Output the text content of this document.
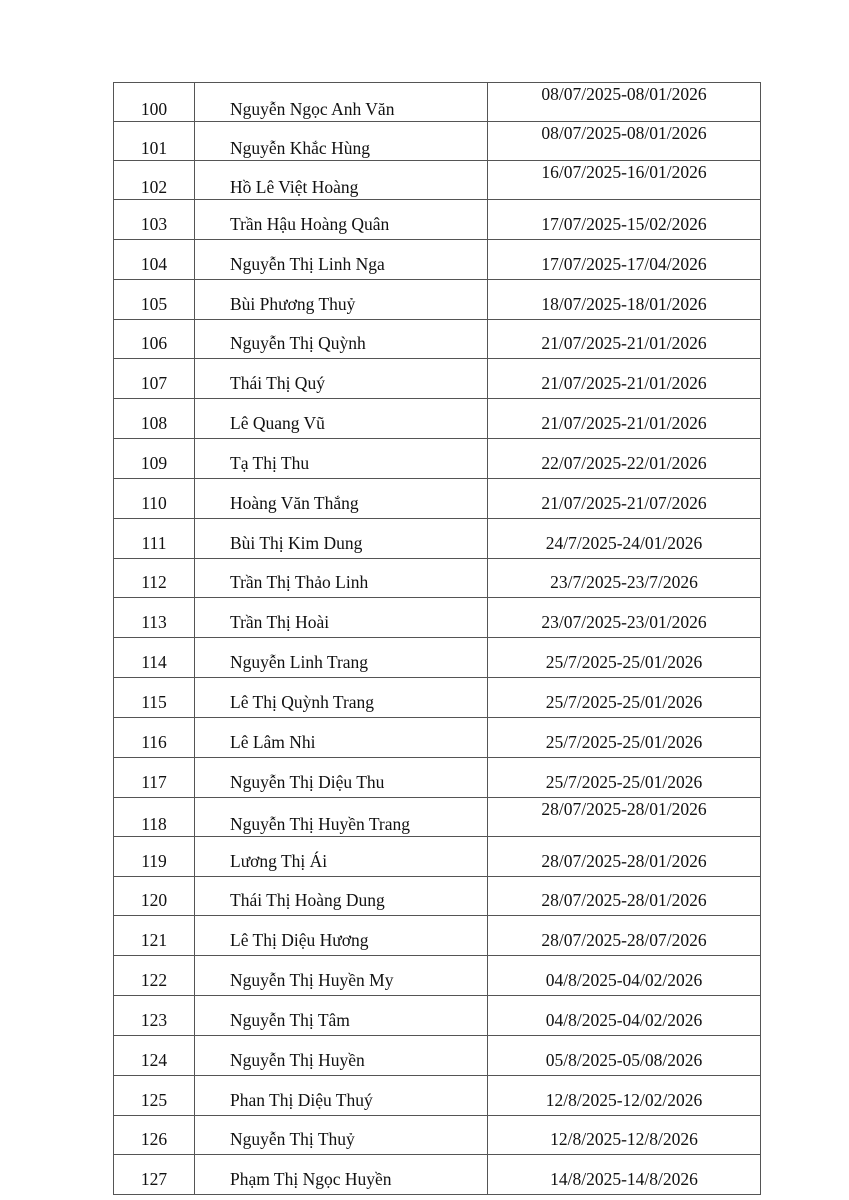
100	Nguyễn Ngọc Anh Văn	08/07/2025-08/01/2026
101	Nguyễn Khắc Hùng	08/07/2025-08/01/2026
102	Hồ Lê Việt Hoàng	16/07/2025-16/01/2026
103	Trần Hậu Hoàng Quân	17/07/2025-15/02/2026
104	Nguyễn Thị Linh Nga	17/07/2025-17/04/2026
105	Bùi Phương Thuỷ	18/07/2025-18/01/2026
106	Nguyễn Thị Quỳnh	21/07/2025-21/01/2026
107	Thái Thị Quý	21/07/2025-21/01/2026
108	Lê Quang Vũ	21/07/2025-21/01/2026
109	Tạ Thị Thu	22/07/2025-22/01/2026
110	Hoàng Văn Thắng	21/07/2025-21/07/2026
111	Bùi Thị Kim Dung	24/7/2025-24/01/2026
112	Trần Thị Thảo Linh	23/7/2025-23/7/2026
113	Trần Thị Hoài	23/07/2025-23/01/2026
114	Nguyễn Linh Trang	25/7/2025-25/01/2026
115	Lê Thị Quỳnh Trang	25/7/2025-25/01/2026
116	Lê Lâm Nhi	25/7/2025-25/01/2026
117	Nguyễn Thị Diệu Thu	25/7/2025-25/01/2026
118	Nguyễn Thị Huyền Trang	28/07/2025-28/01/2026
119	Lương Thị Ái	28/07/2025-28/01/2026
120	Thái Thị Hoàng Dung	28/07/2025-28/01/2026
121	Lê Thị Diệu Hương	28/07/2025-28/07/2026
122	Nguyễn Thị Huyền My	04/8/2025-04/02/2026
123	Nguyễn Thị Tâm	04/8/2025-04/02/2026
124	Nguyễn Thị Huyền	05/8/2025-05/08/2026
125	Phan Thị Diệu Thuý	12/8/2025-12/02/2026
126	Nguyễn Thị Thuỷ	12/8/2025-12/8/2026
127	Phạm Thị Ngọc Huyền	14/8/2025-14/8/2026
